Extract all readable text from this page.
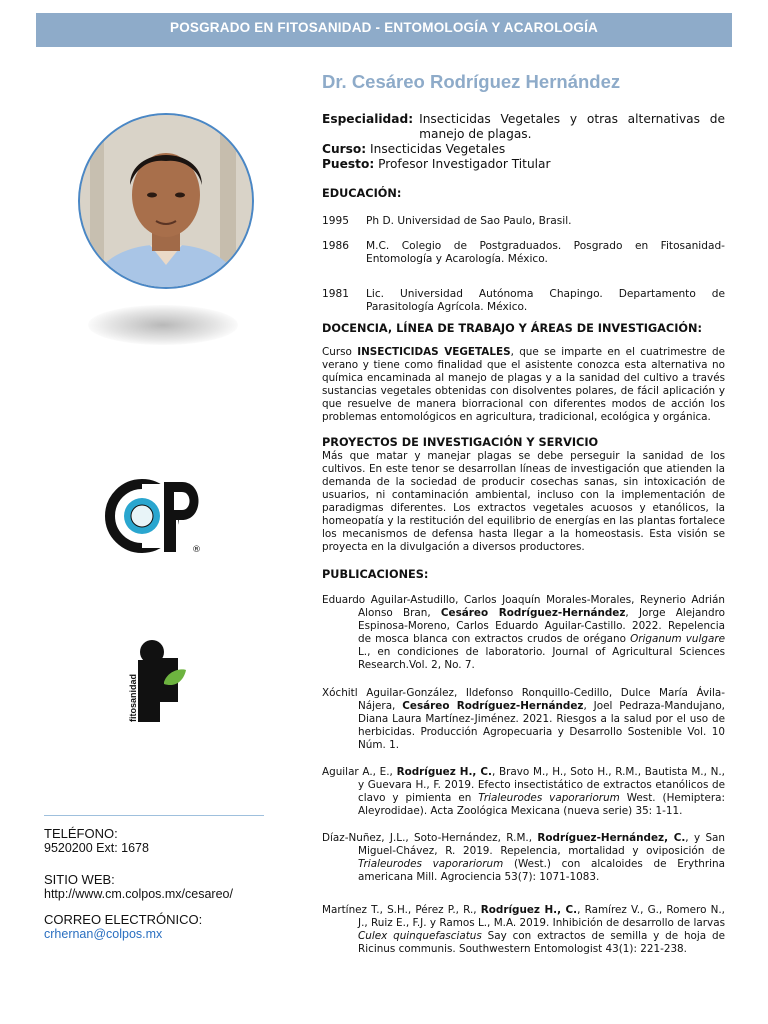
POSGRADO EN FITOSANIDAD - ENTOMOLOGÍA Y ACAROLOGÍA
®
fitosanidad
TELÉFONO:
9520200 Ext: 1678
SITIO WEB:
http://www.cm.colpos.mx/cesareo/
CORREO ELECTRÓNICO:
crhernan@colpos.mx
Dr. Cesáreo Rodríguez Hernández
Especialidad: Insecticidas Vegetales y otras alternativas de manejo de plagas.
Curso: Insecticidas Vegetales
Puesto: Profesor Investigador Titular
EDUCACIÓN:
1995	Ph D. Universidad de Sao Paulo, Brasil.
1986	M.C. Colegio de Postgraduados. Posgrado en Fitosanidad-Entomología y Acarología. México.
1981	Lic. Universidad Autónoma Chapingo. Departamento de Parasitología Agrícola. México.
DOCENCIA, LÍNEA DE TRABAJO Y ÁREAS DE INVESTIGACIÓN:

Curso INSECTICIDAS VEGETALES, que se imparte en el cuatrimestre de verano y tiene como finalidad que el asistente conozca esta alternativa no química encaminada al manejo de plagas y a la sanidad del cultivo a través sustancias vegetales obtenidas con disolventes polares, de fácil aplicación y que resuelve de manera biorracional con diferentes modos de acción los problemas entomológicos en agricultura, tradicional, ecológica y orgánica.

PROYECTOS DE INVESTIGACIÓN Y SERVICIO

Más que matar y manejar plagas se debe perseguir la sanidad de los cultivos. En este tenor se desarrollan líneas de investigación que atienden la demanda de la sociedad de producir cosechas sanas, sin intoxicación de usuarios, ni contaminación ambiental, incluso con la implementación de paradigmas diferentes. Los extractos vegetales acuosos y etanólicos, la homeopatía y la restitución del equilibrio de energías en las plantas fortalece los mecanismos de defensa hasta llegar a la homeostasis. Esta visión se proyecta en la divulgación a diversos productores.

PUBLICACIONES:

Eduardo Aguilar-Astudillo, Carlos Joaquín Morales-Morales, Reynerio Adrián Alonso Bran, Cesáreo Rodríguez-Hernández, Jorge Alejandro Espinosa-Moreno, Carlos Eduardo Aguilar-Castillo. 2022. Repelencia de mosca blanca con extractos crudos de orégano Origanum vulgare L., en condiciones de laboratorio. Journal of Agricultural Sciences Research.Vol. 2, No. 7.

Xóchitl Aguilar-González, Ildefonso Ronquillo-Cedillo, Dulce María Ávila-Nájera, Cesáreo Rodríguez-Hernández, Joel Pedraza-Mandujano, Diana Laura Martínez-Jiménez. 2021. Riesgos a la salud por el uso de herbicidas. Producción Agropecuaria y Desarrollo Sostenible Vol. 10 Núm. 1.

Aguilar A., E., Rodríguez H., C., Bravo M., H., Soto H., R.M., Bautista M., N., y Guevara H., F. 2019. Efecto insectistático de extractos etanólicos de clavo y pimienta en Trialeurodes vaporariorum West. (Hemiptera: Aleyrodidae). Acta Zoológica Mexicana (nueva serie) 35: 1-11.

Díaz-Nuñez, J.L., Soto-Hernández, R.M., Rodríguez-Hernández, C., y San Miguel-Chávez, R. 2019. Repelencia, mortalidad y oviposición de Trialeurodes vaporariorum (West.) con alcaloides de Erythrina americana Mill. Agrociencia 53(7): 1071-1083.

Martínez T., S.H., Pérez P., R., Rodríguez H., C., Ramírez V., G., Romero N., J., Ruiz E., F.J. y Ramos L., M.A. 2019. Inhibición de desarrollo de larvas Culex quinquefasciatus Say con extractos de semilla y de hoja de Ricinus communis. Southwestern Entomologist 43(1): 221-238.
